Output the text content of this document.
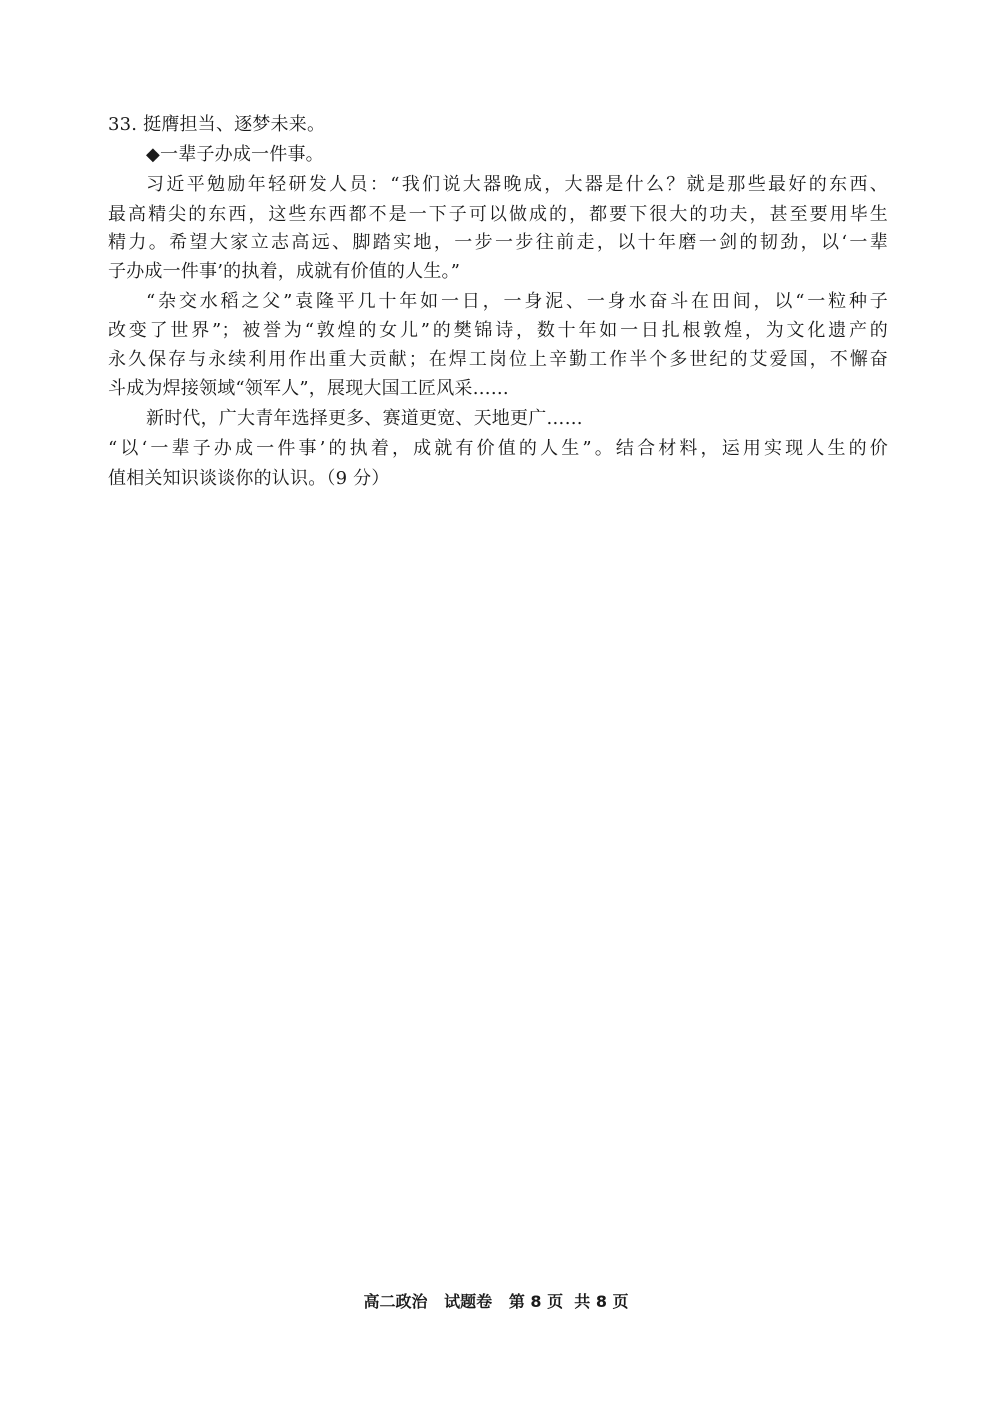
33. 挺膺担当、逐梦未来。
◆一辈子办成一件事。
习近平勉励年轻研发人员：“我们说大器晚成，大器是什么？就是那些最好的东西、
最高精尖的东西，这些东西都不是一下子可以做成的，都要下很大的功夫，甚至要用毕生
精力。希望大家立志高远、脚踏实地，一步一步往前走，以十年磨一剑的韧劲，以‘一辈
子办成一件事’的执着，成就有价值的人生。”
“杂交水稻之父”袁隆平几十年如一日，一身泥、一身水奋斗在田间，以“一粒种子
改变了世界”；被誉为“敦煌的女儿”的樊锦诗，数十年如一日扎根敦煌，为文化遗产的
永久保存与永续利用作出重大贡献；在焊工岗位上辛勤工作半个多世纪的艾爱国，不懈奋
斗成为焊接领域“领军人”，展现大国工匠风采……
新时代，广大青年选择更多、赛道更宽、天地更广……
“以‘一辈子办成一件事’的执着，成就有价值的人生”。结合材料，运用实现人生的价
值相关知识谈谈你的认识。（9 分）
高二政治   试题卷   第 8 页  共 8 页
